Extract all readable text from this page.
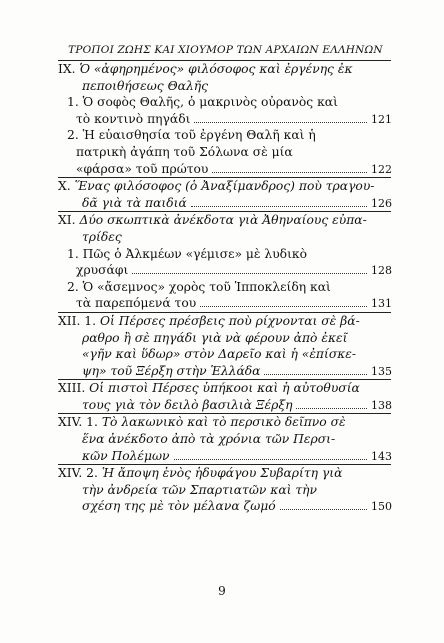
ΤΡΟΠΟΙ ΖΩΗΣ ΚΑΙ ΧΙΟΥΜΟΡ ΤΩΝ ΑΡΧΑΙΩΝ ΕΛΛΗΝΩΝ
IX. Ὁ «ἀφηρημένος» φιλόσοφος καὶ ἐργένης ἐκ
πεποιθήσεως Θαλῆς
1. Ὁ σοφὸς Θαλῆς, ὁ μακρινὸς οὐρανὸς καὶ
τὸ κοντινὸ πηγάδι	121
2. Ἡ εὐαισθησία τοῦ ἐργένη Θαλῆ καὶ ἡ
πατρικὴ ἀγάπη τοῦ Σόλωνα σὲ μία
«φάρσα» τοῦ πρώτου	122
X. Ἕνας φιλόσοφος (ὁ Ἀναξίμανδρος) ποὺ τραγου-
δᾶ γιὰ τὰ παιδιά	126
XI. Δύο σκωπτικὰ ἀνέκδοτα γιὰ Ἀθηναίους εὐπα-
τρίδες
1. Πῶς ὁ Ἀλκμέων «γέμισε» μὲ λυδικὸ
χρυσάφι	128
2. Ὁ «ἄσεμνος» χορὸς τοῦ Ἱπποκλείδη καὶ
τὰ παρεπόμενά του	131
XII. 1. Οἱ Πέρσες πρέσβεις ποὺ ρίχνονται σὲ βά-
ραθρο ἢ σὲ πηγάδι γιὰ νὰ φέρουν ἀπὸ ἐκεῖ
«γῆν καὶ ὕδωρ» στὸν Δαρεῖο καὶ ἡ «ἐπίσκε-
ψη» τοῦ Ξέρξη στὴν Ἑλλάδα	135
XIII. Οἱ πιστοὶ Πέρσες ὑπήκοοι καὶ ἡ αὐτοθυσία
τους γιὰ τὸν δειλὸ βασιλιὰ Ξέρξη	138
XIV. 1. Τὸ λακωνικὸ καὶ τὸ περσικὸ δεῖπνο σὲ
ἕνα ἀνέκδοτο ἀπὸ τὰ χρόνια τῶν Περσι-
κῶν Πολέμων	143
XIV. 2. Ἡ ἄποψη ἑνὸς ἡδυφάγου Συβαρίτη γιὰ
τὴν ἀνδρεία τῶν Σπαρτιατῶν καὶ τὴν
σχέση της μὲ τὸν μέλανα ζωμό	150
9
